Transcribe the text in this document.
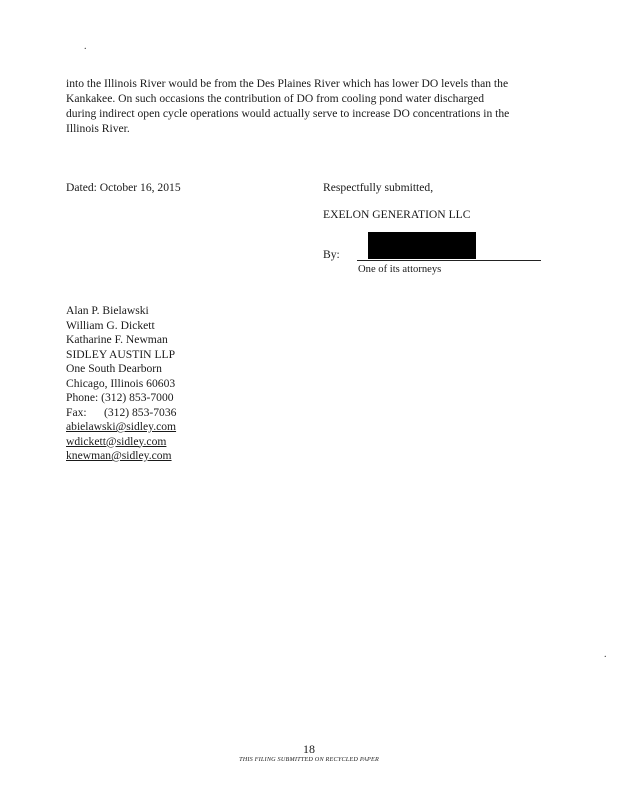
.
.

into the Illinois River would be from the Des Plaines River which has lower DO levels than the
Kankakee. On such occasions the contribution of DO from cooling pond water discharged
during indirect open cycle operations would actually serve to increase DO concentrations in the
Illinois River.

Dated: October 16, 2015	Respectfully submitted,
EXELON GENERATION LLC
By:
One of its attorneys
Alan P. Bielawski
William G. Dickett
Katharine F. Newman
SIDLEY AUSTIN LLP
One South Dearborn
Chicago, Illinois 60603
Phone: (312) 853-7000
Fax: (312) 853-7036
abielawski@sidley.com
wdickett@sidley.com
knewman@sidley.com
18
THIS FILING SUBMITTED ON RECYCLED PAPER
